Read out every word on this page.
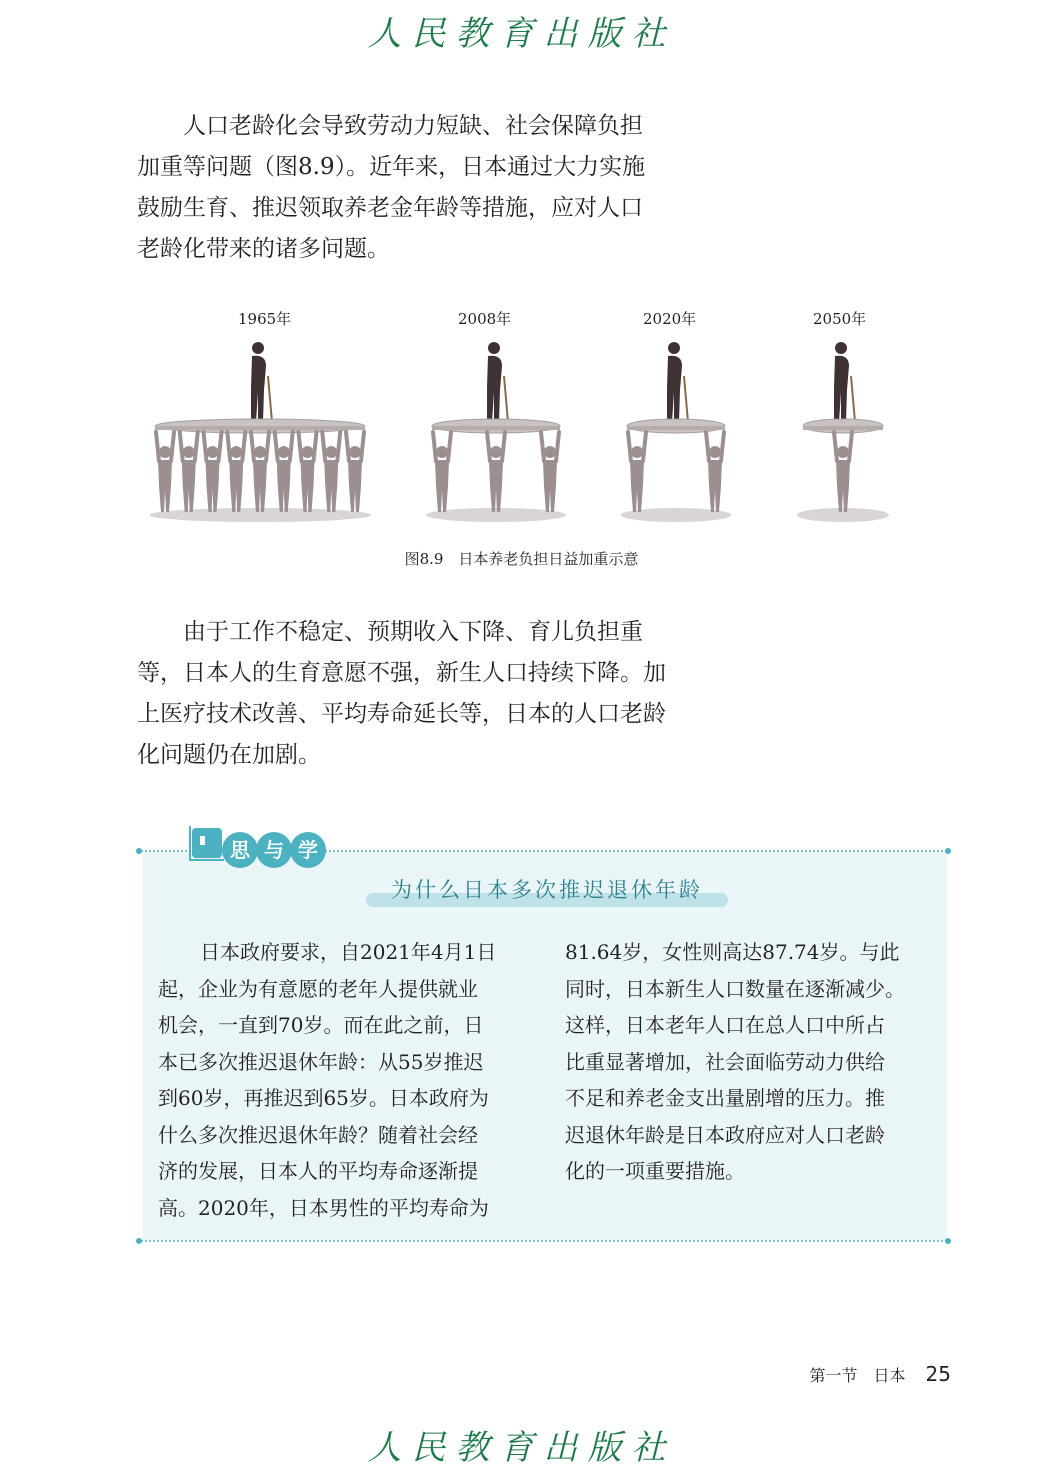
人民教育出版社

人口老龄化会导致劳动力短缺、社会保障负担
加重等问题（图8.9）。近年来，日本通过大力实施
鼓励生育、推迟领取养老金年龄等措施，应对人口
老龄化带来的诸多问题。

1965年	2008年	2020年	2050年
图8.9　日本养老负担日益加重示意

由于工作不稳定、预期收入下降、育儿负担重
等，日本人的生育意愿不强，新生人口持续下降。加
上医疗技术改善、平均寿命延长等，日本的人口老龄
化问题仍在加剧。

思 与 学
为什么日本多次推迟退休年龄
日本政府要求，自2021年4月1日
起，企业为有意愿的老年人提供就业
机会，一直到70岁。而在此之前，日
本已多次推迟退休年龄：从55岁推迟
到60岁，再推迟到65岁。日本政府为
什么多次推迟退休年龄？随着社会经
济的发展，日本人的平均寿命逐渐提
高。2020年，日本男性的平均寿命为
81.64岁，女性则高达87.74岁。与此
同时，日本新生人口数量在逐渐减少。
这样，日本老年人口在总人口中所占
比重显著增加，社会面临劳动力供给
不足和养老金支出量剧增的压力。推
迟退休年龄是日本政府应对人口老龄
化的一项重要措施。
第一节　日本 25
人民教育出版社
